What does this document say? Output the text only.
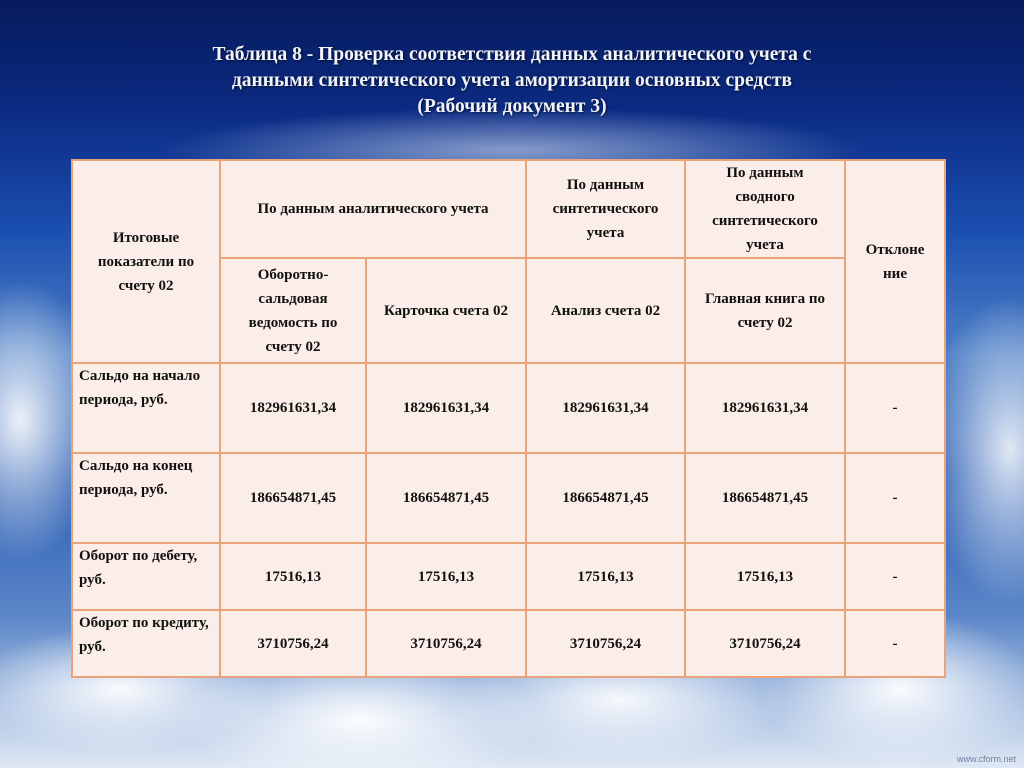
Таблица 8 - Проверка соответствия данных аналитического учета с
данными синтетического учета амортизации основных средств
(Рабочий документ 3)
Итоговые показатели по счету 02	По данным аналитического учета		По данным синтетического учета	По данным сводного синтетического учета	Отклоне ние
	Оборотно-сальдовая ведомость по счету 02	Карточка счета 02	Анализ счета 02	Главная книга по счету 02	
Сальдо на начало периода, руб.	182961631,34	182961631,34	182961631,34	182961631,34	-
Сальдо на конец периода, руб.	186654871,45	186654871,45	186654871,45	186654871,45	-
Оборот по дебету, руб.	17516,13	17516,13	17516,13	17516,13	-
Оборот по кредиту, руб.	3710756,24	3710756,24	3710756,24	3710756,24	-
www.cform.net
